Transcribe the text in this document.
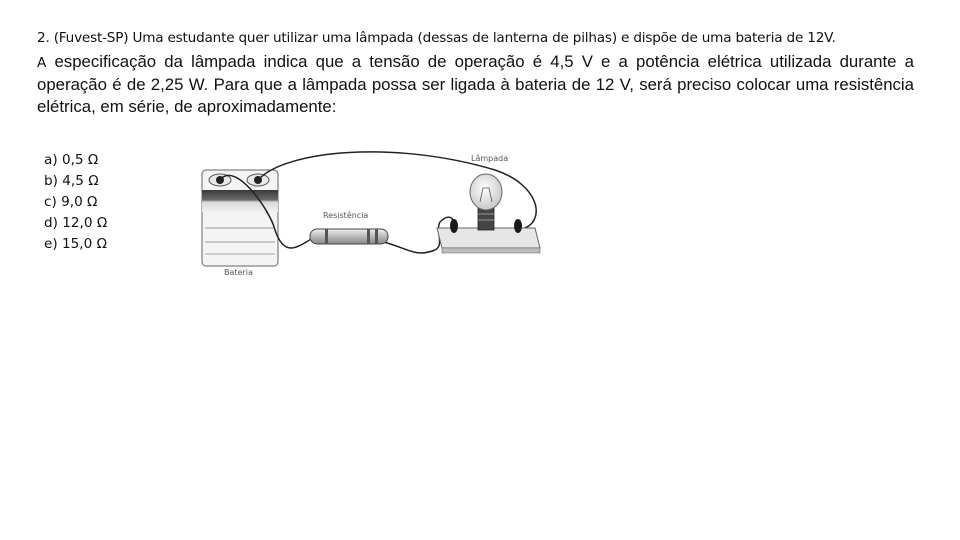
2. (Fuvest-SP) Uma estudante quer utilizar uma lâmpada (dessas de lanterna de pilhas) e dispõe de uma bateria de 12V.
A especificação da lâmpada indica que a tensão de operação é 4,5 V e a potência elétrica utilizada durante a operação é de 2,25 W. Para que a lâmpada possa ser ligada à bateria de 12 V, será preciso colocar uma resistência elétrica, em série, de aproximadamente:
a) 0,5 Ω
b) 4,5 Ω
c) 9,0 Ω
d) 12,0 Ω
e) 15,0 Ω
Lâmpada
Resistência
Bateria
